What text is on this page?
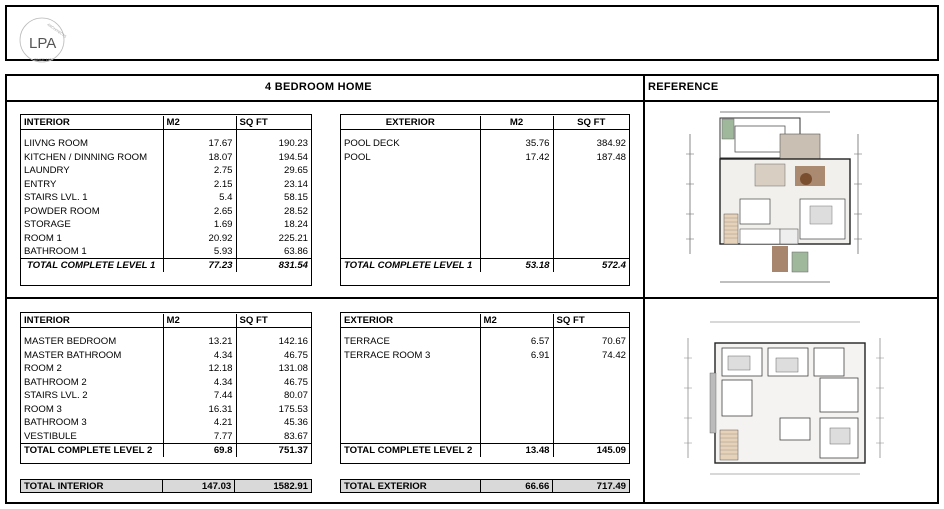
LPA
ARCHITECTS
SINCE 1987
4 BEDROOM HOME	REFERENCE
INTERIOR	M2	SQ FT

LIIVNG ROOM	17.67	190.23
KITCHEN / DINNING ROOM	18.07	194.54
LAUNDRY	2.75	29.65
ENTRY	2.15	23.14
STAIRS LVL. 1	5.4	58.15
POWDER ROOM	2.65	28.52
STORAGE	1.69	18.24
ROOM 1	20.92	225.21
BATHROOM 1	5.93	63.86
TOTAL COMPLETE LEVEL 1	77.23	831.54
EXTERIOR	M2	SQ FT

POOL DECK	35.76	384.92
POOL	17.42	187.48

TOTAL COMPLETE LEVEL 1	53.18	572.4
INTERIOR	M2	SQ FT

MASTER BEDROOM	13.21	142.16
MASTER BATHROOM	4.34	46.75
ROOM 2	12.18	131.08
BATHROOM 2	4.34	46.75
STAIRS LVL. 2	7.44	80.07
ROOM 3	16.31	175.53
BATHROOM 3	4.21	45.36
VESTIBULE	7.77	83.67
TOTAL COMPLETE LEVEL 2	69.8	751.37
EXTERIOR	M2	SQ FT

TERRACE	6.57	70.67
TERRACE ROOM 3	6.91	74.42

TOTAL COMPLETE LEVEL 2	13.48	145.09
TOTAL INTERIOR	147.03	1582.91	TOTAL EXTERIOR	66.66	717.49
